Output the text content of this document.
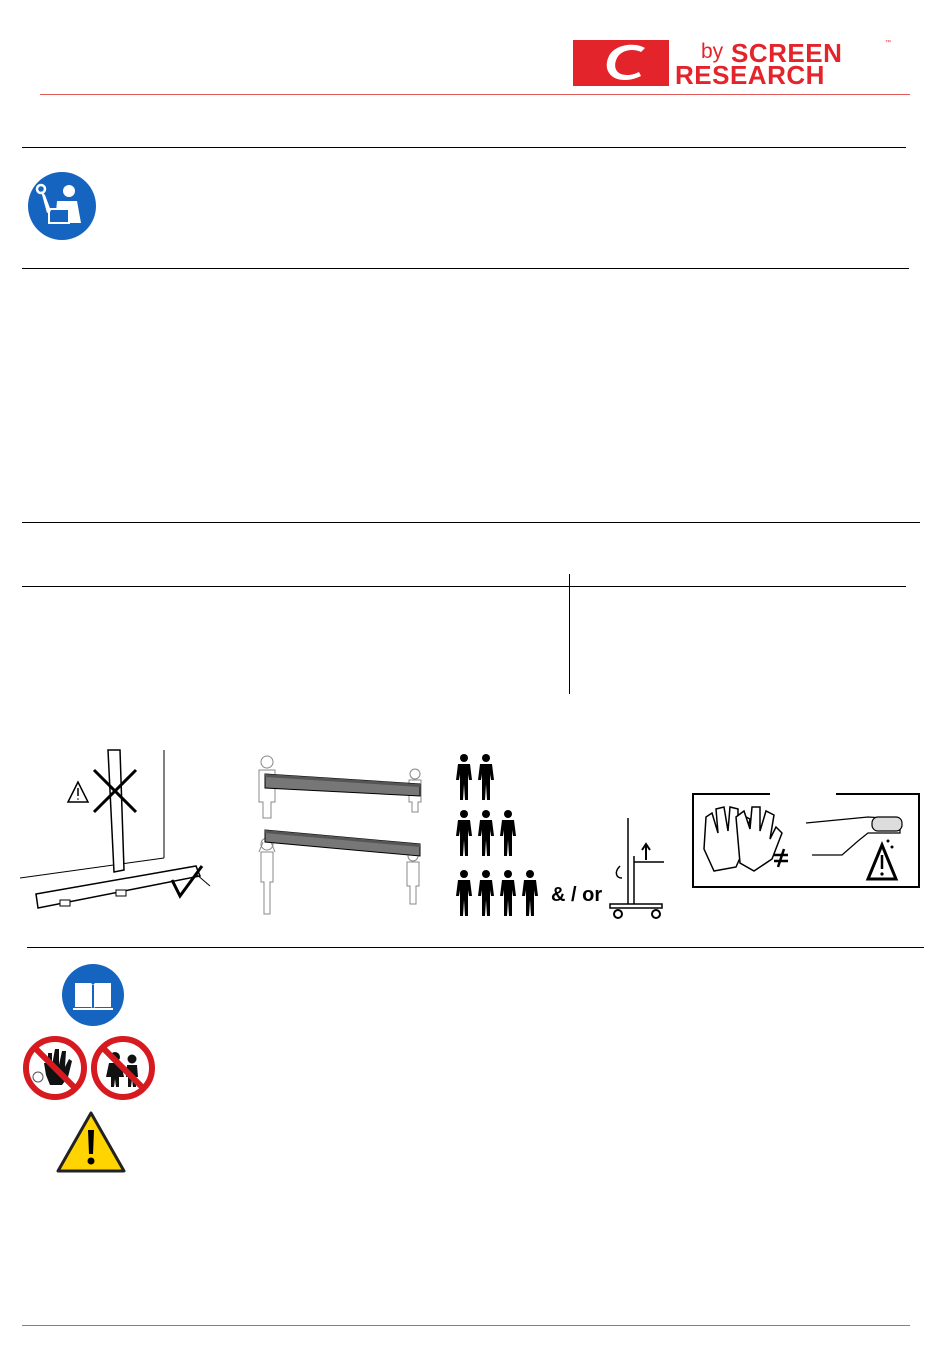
by SCREEN	™
RESEARCH
& / or
